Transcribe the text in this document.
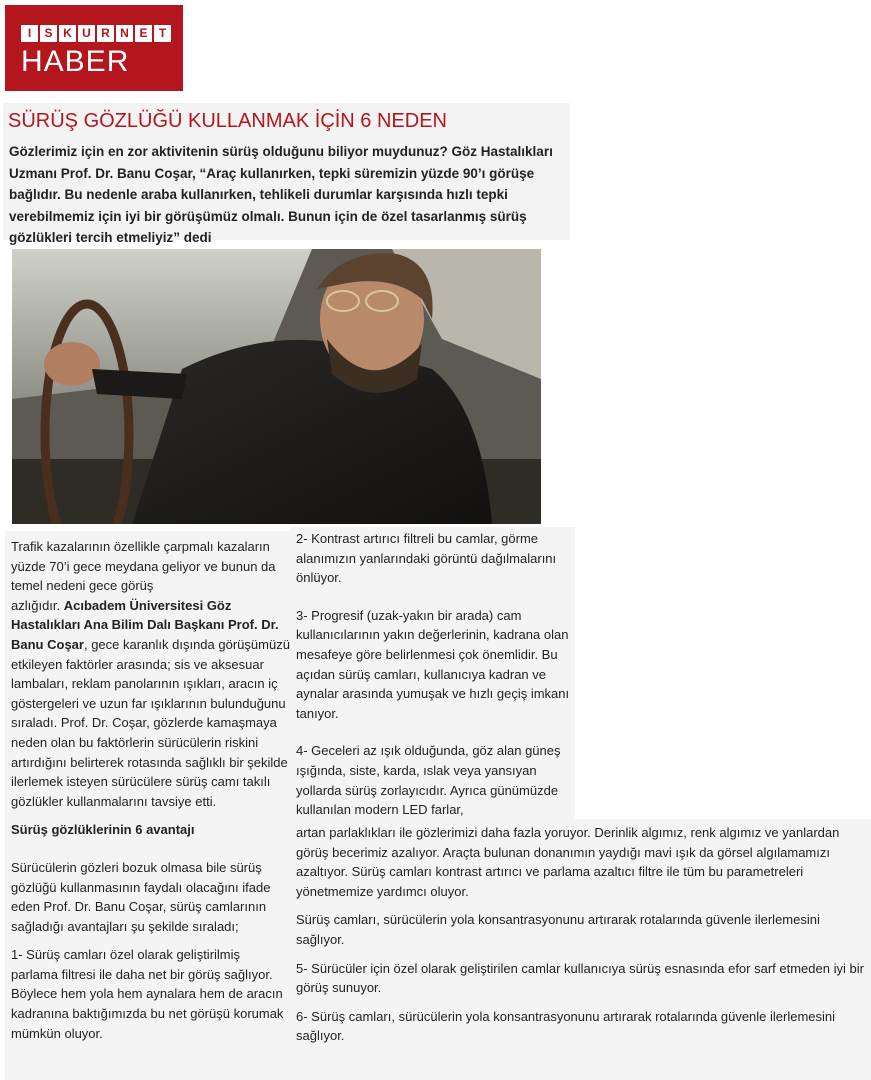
I	S K U R N E T
HABER
SÜRÜŞ GÖZLÜĞÜ KULLANMAK İÇİN 6 NEDEN

Gözlerimiz için en zor aktivitenin sürüş olduğunu biliyor muydunuz? Göz Hastalıkları Uzmanı Prof. Dr. Banu Coşar, “Araç kullanırken, tepki süremizin yüzde 90’ı görüşe bağlıdır. Bu nedenle araba kullanırken, tehlikeli durumlar karşısında hızlı tepki verebilmemiz için iyi bir görüşümüz olmalı. Bunun için de özel tasarlanmış sürüş gözlükleri tercih etmeliyiz” dedi

Trafik kazalarının özellikle çarpmalı kazaların yüzde 70’i gece meydana geliyor ve bunun da temel nedeni gece görüş
azlığıdır. Acıbadem Üniversitesi Göz Hastalıkları Ana Bilim Dalı Başkanı Prof. Dr. Banu Coşar, gece karanlık dışında görüşümüzü etkileyen faktörler arasında; sis ve aksesuar lambaları, reklam panolarının ışıkları, aracın iç göstergeleri ve uzun far ışıklarının bulunduğunu sıraladı. Prof. Dr. Coşar, gözlerde kamaşmaya neden olan bu faktörlerin sürücülerin riskini artırdığını belirterek rotasında sağlıklı bir şekilde ilerlemek isteyen sürücülere sürüş camı takılı gözlükler kullanmalarını tavsiye etti.

Sürüş gözlüklerinin 6 avantajı

Sürücülerin gözleri bozuk olmasa bile sürüş gözlüğü kullanmasının faydalı olacağını ifade eden Prof. Dr. Banu Coşar, sürüş camlarının sağladığı avantajları şu şekilde sıraladı;

1- Sürüş camları özel olarak geliştirilmiş parlama filtresi ile daha net bir görüş sağlıyor. Böylece hem yola hem aynalara hem de aracın kadranına baktığımızda bu net görüşü korumak mümkün oluyor.

2- Kontrast artırıcı filtreli bu camlar, görme alanımızın yanlarındaki görüntü dağılmalarını önlüyor.

3- Progresif (uzak-yakın bir arada) cam kullanıcılarının yakın değerlerinin, kadrana olan mesafeye göre belirlenmesi çok önemlidir. Bu açıdan sürüş camları, kullanıcıya kadran ve aynalar arasında yumuşak ve hızlı geçiş imkanı tanıyor.

4- Geceleri az ışık olduğunda, göz alan güneş ışığında, siste, karda, ıslak veya yansıyan yollarda sürüş zorlayıcıdır. Ayrıca günümüzde kullanılan modern LED farlar,

artan parlaklıkları ile gözlerimizi daha fazla yoruyor. Derinlik algımız, renk algımız ve yanlardan görüş becerimiz azalıyor. Araçta bulunan donanımın yaydığı mavi ışık da görsel algılamamızı azaltıyor. Sürüş camları kontrast artırıcı ve parlama azaltıcı filtre ile tüm bu parametreleri yönetmemize yardımcı oluyor.

Sürüş camları, sürücülerin yola konsantrasyonunu artırarak rotalarında güvenle ilerlemesini sağlıyor.

5- Sürücüler için özel olarak geliştirilen camlar kullanıcıya sürüş esnasında efor sarf etmeden iyi bir görüş sunuyor.

6- Sürüş camları, sürücülerin yola konsantrasyonunu artırarak rotalarında güvenle ilerlemesini sağlıyor.
